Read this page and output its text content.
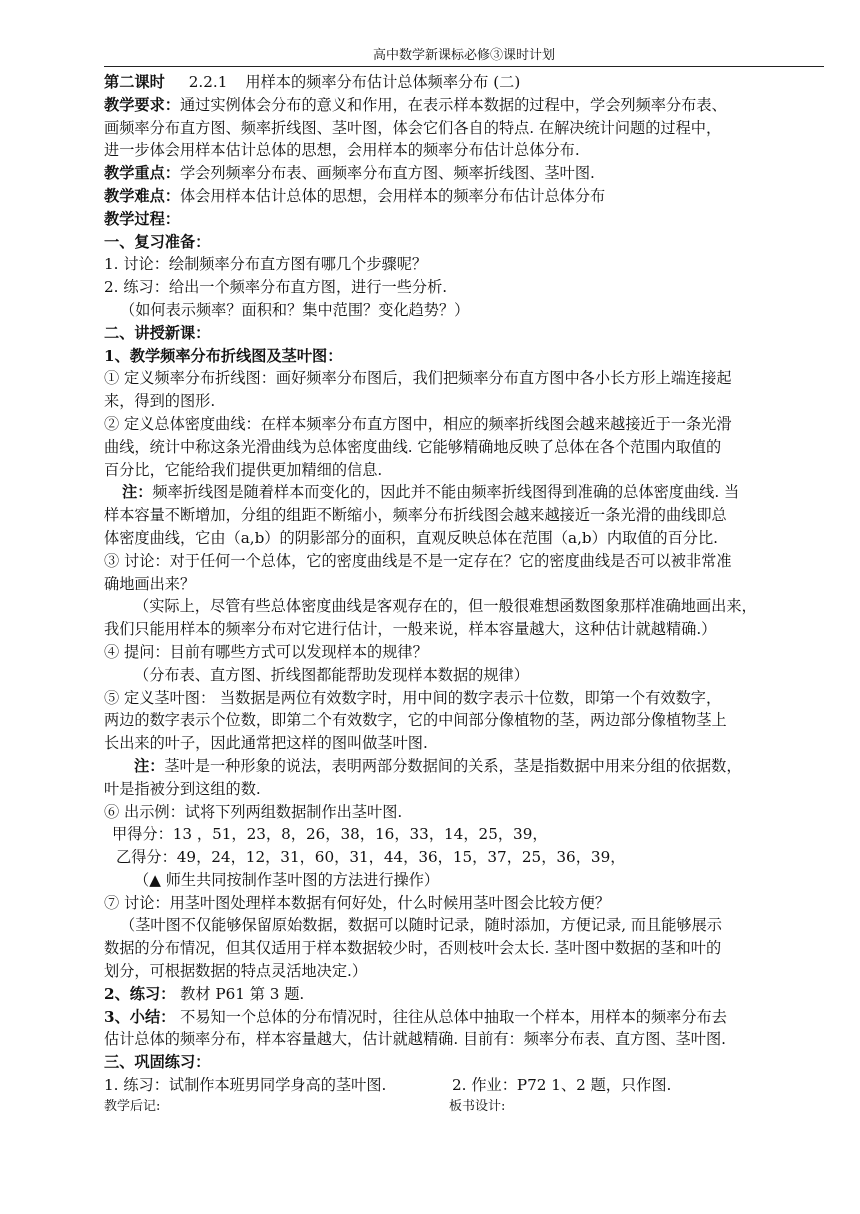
高中数学新课标必修③课时计划
第二课时 2.2.1 用样本的频率分布估计总体频率分布 (二)
教学要求：通过实例体会分布的意义和作用，在表示样本数据的过程中，学会列频率分布表、
画频率分布直方图、频率折线图、茎叶图，体会它们各自的特点. 在解决统计问题的过程中，
进一步体会用样本估计总体的思想，会用样本的频率分布估计总体分布.
教学重点：学会列频率分布表、画频率分布直方图、频率折线图、茎叶图.
教学难点：体会用样本估计总体的思想，会用样本的频率分布估计总体分布
教学过程：
一、复习准备：
1. 讨论：绘制频率分布直方图有哪几个步骤呢？
2. 练习：给出一个频率分布直方图，进行一些分析.
（如何表示频率？面积和？集中范围？变化趋势？）
二、讲授新课：
1、教学频率分布折线图及茎叶图：
① 定义频率分布折线图：画好频率分布图后，我们把频率分布直方图中各小长方形上端连接起
来，得到的图形.
② 定义总体密度曲线：在样本频率分布直方图中，相应的频率折线图会越来越接近于一条光滑
曲线，统计中称这条光滑曲线为总体密度曲线. 它能够精确地反映了总体在各个范围内取值的
百分比，它能给我们提供更加精细的信息.
注：频率折线图是随着样本而变化的，因此并不能由频率折线图得到准确的总体密度曲线. 当
样本容量不断增加，分组的组距不断缩小，频率分布折线图会越来越接近一条光滑的曲线即总
体密度曲线，它由（a,b）的阴影部分的面积，直观反映总体在范围（a,b）内取值的百分比.
③ 讨论：对于任何一个总体，它的密度曲线是不是一定存在？它的密度曲线是否可以被非常准
确地画出来？
（实际上，尽管有些总体密度曲线是客观存在的，但一般很难想函数图象那样准确地画出来，
我们只能用样本的频率分布对它进行估计，一般来说，样本容量越大，这种估计就越精确.）
④ 提问：目前有哪些方式可以发现样本的规律？
（分布表、直方图、折线图都能帮助发现样本数据的规律）
⑤ 定义茎叶图： 当数据是两位有效数字时，用中间的数字表示十位数，即第一个有效数字，
两边的数字表示个位数，即第二个有效数字，它的中间部分像植物的茎，两边部分像植物茎上
长出来的叶子，因此通常把这样的图叫做茎叶图.
注：茎叶是一种形象的说法，表明两部分数据间的关系，茎是指数据中用来分组的依据数，
叶是指被分到这组的数.
⑥ 出示例：试将下列两组数据制作出茎叶图.
甲得分：13 ，51，23，8，26，38，16，33，14，25，39，
乙得分：49，24，12，31，60，31，44，36，15，37，25，36，39，
（▲ 师生共同按制作茎叶图的方法进行操作）
⑦ 讨论：用茎叶图处理样本数据有何好处，什么时候用茎叶图会比较方便？
（茎叶图不仅能够保留原始数据，数据可以随时记录，随时添加，方便记录, 而且能够展示
数据的分布情况，但其仅适用于样本数据较少时，否则枝叶会太长. 茎叶图中数据的茎和叶的
划分，可根据数据的特点灵活地决定.）
2、练习： 教材 P61 第 3 题.
3、小结： 不易知一个总体的分布情况时，往往从总体中抽取一个样本，用样本的频率分布去
估计总体的频率分布，样本容量越大，估计就越精确. 目前有：频率分布表、直方图、茎叶图.
三、巩固练习：
1. 练习：试制作本班男同学身高的茎叶图.	2. 作业：P72 1、2 题，只作图.
教学后记:	板书设计:
